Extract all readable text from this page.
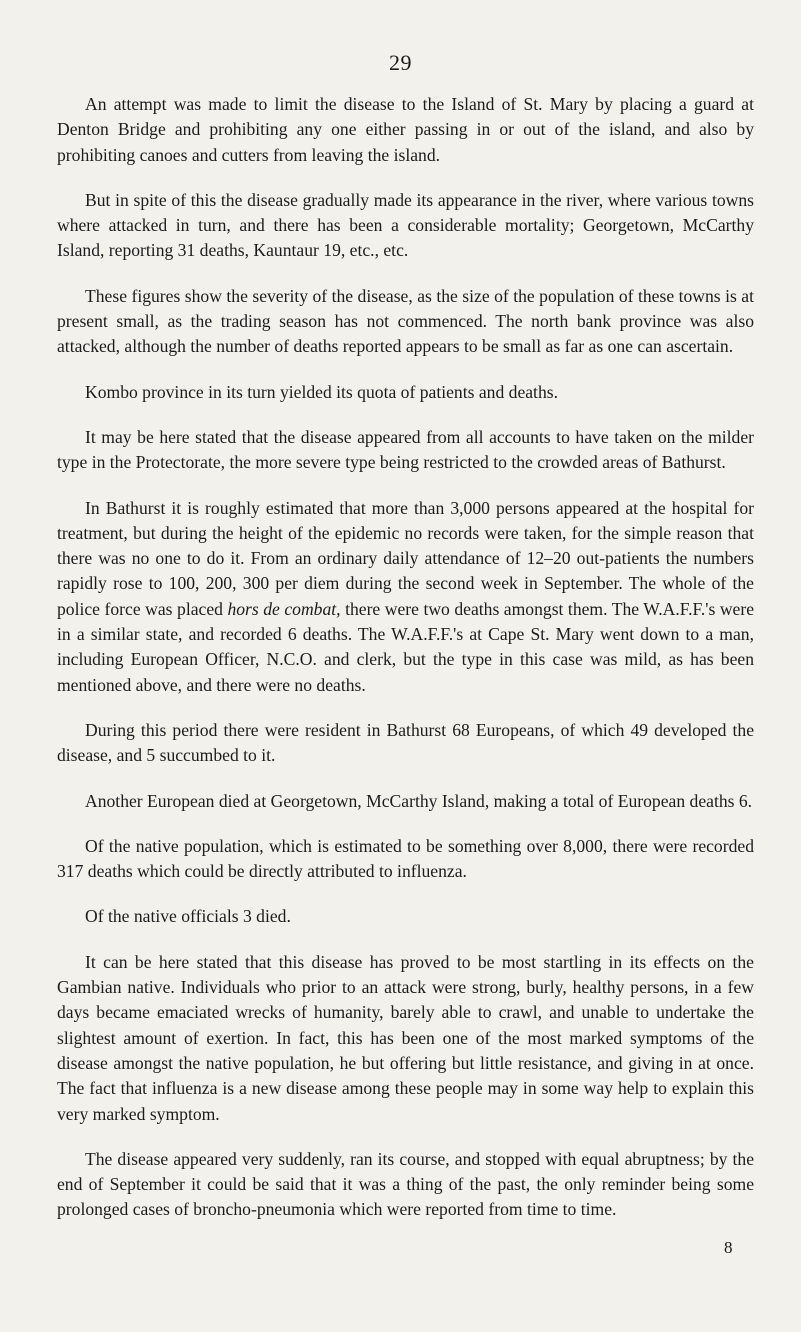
29

An attempt was made to limit the disease to the Island of St. Mary by placing a guard at Denton Bridge and prohibiting any one either passing in or out of the island, and also by prohibiting canoes and cutters from leaving the island.

But in spite of this the disease gradually made its appearance in the river, where various towns where attacked in turn, and there has been a considerable mortality; Georgetown, McCarthy Island, reporting 31 deaths, Kauntaur 19, etc., etc.

These figures show the severity of the disease, as the size of the population of these towns is at present small, as the trading season has not commenced. The north bank province was also attacked, although the number of deaths reported appears to be small as far as one can ascertain.

Kombo province in its turn yielded its quota of patients and deaths.

It may be here stated that the disease appeared from all accounts to have taken on the milder type in the Protectorate, the more severe type being restricted to the crowded areas of Bathurst.

In Bathurst it is roughly estimated that more than 3,000 persons appeared at the hospital for treatment, but during the height of the epidemic no records were taken, for the simple reason that there was no one to do it. From an ordinary daily attendance of 12–20 out-patients the numbers rapidly rose to 100, 200, 300 per diem during the second week in September. The whole of the police force was placed hors de combat, there were two deaths amongst them. The W.A.F.F.'s were in a similar state, and recorded 6 deaths. The W.A.F.F.'s at Cape St. Mary went down to a man, including European Officer, N.C.O. and clerk, but the type in this case was mild, as has been mentioned above, and there were no deaths.

During this period there were resident in Bathurst 68 Europeans, of which 49 developed the disease, and 5 succumbed to it.

Another European died at Georgetown, McCarthy Island, making a total of European deaths 6.

Of the native population, which is estimated to be something over 8,000, there were recorded 317 deaths which could be directly attributed to influenza.

Of the native officials 3 died.

It can be here stated that this disease has proved to be most startling in its effects on the Gambian native. Individuals who prior to an attack were strong, burly, healthy persons, in a few days became emaciated wrecks of humanity, barely able to crawl, and unable to undertake the slightest amount of exertion. In fact, this has been one of the most marked symptoms of the disease amongst the native population, he but offering but little resistance, and giving in at once. The fact that influenza is a new disease among these people may in some way help to explain this very marked symptom.

The disease appeared very suddenly, ran its course, and stopped with equal abruptness; by the end of September it could be said that it was a thing of the past, the only reminder being some prolonged cases of broncho-pneumonia which were reported from time to time.

8
